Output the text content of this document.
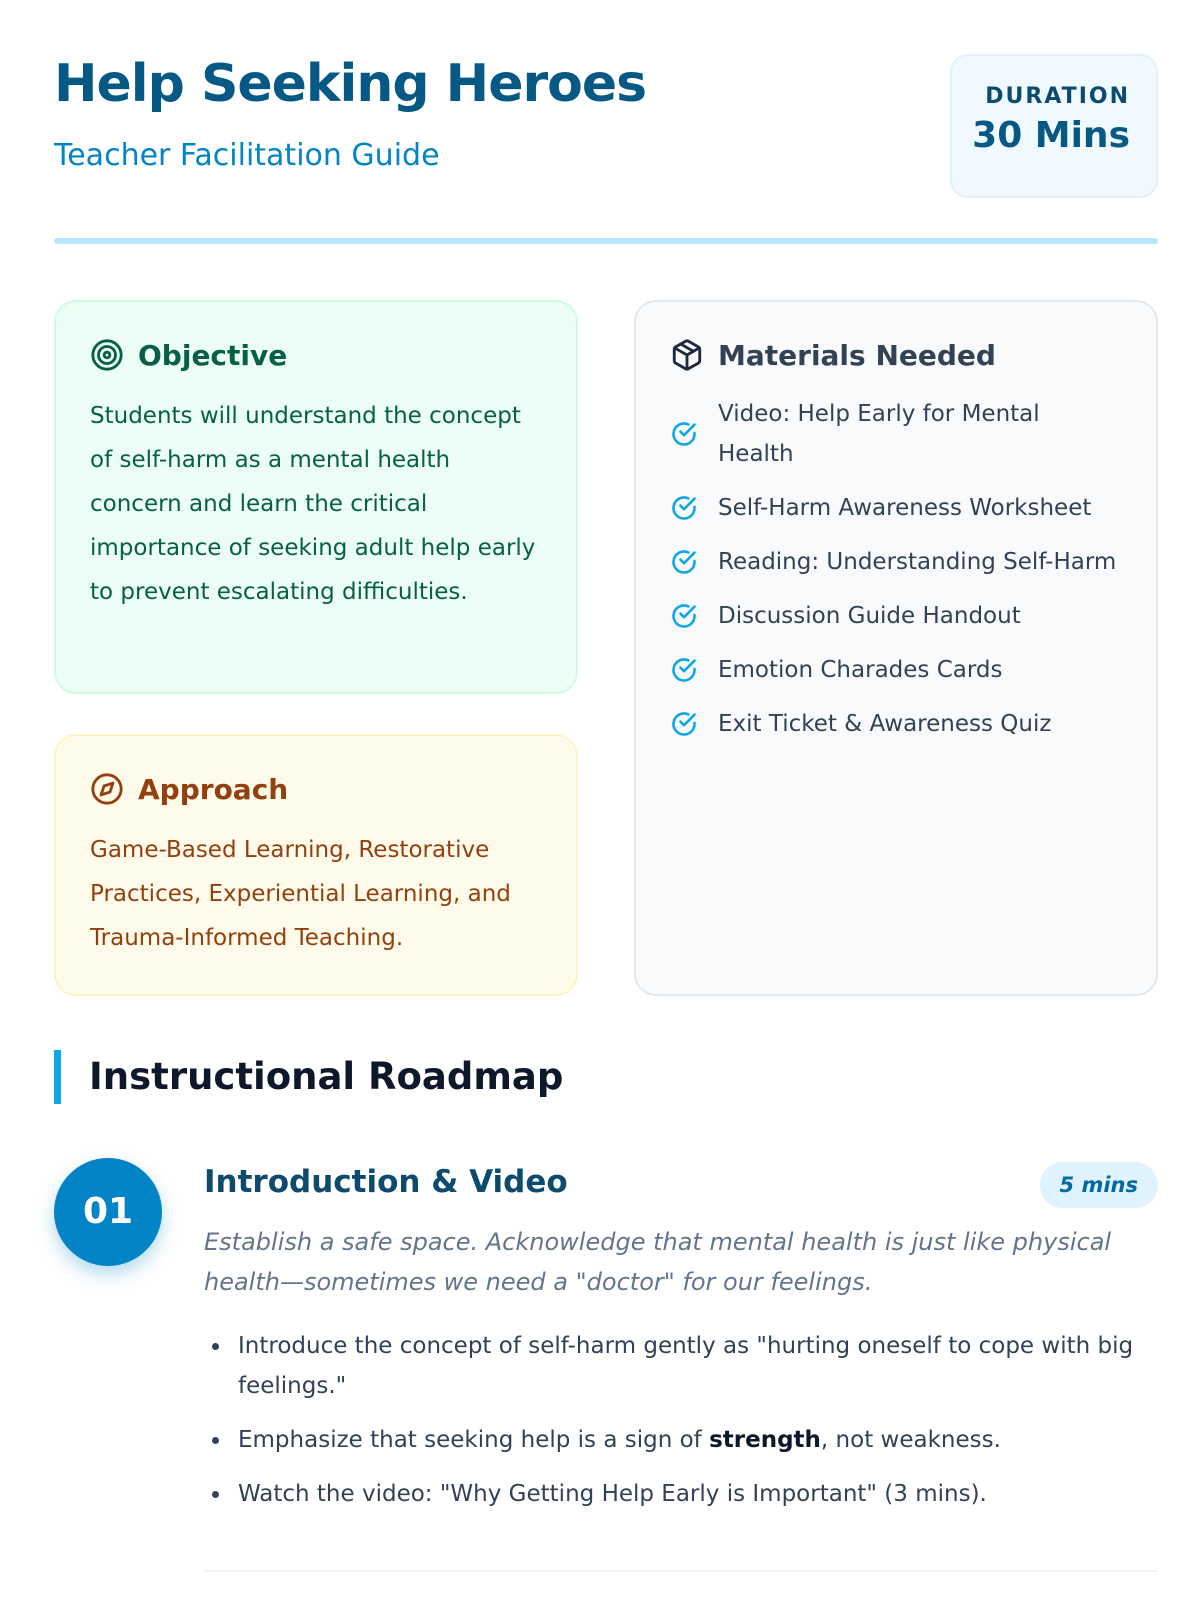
Help Seeking Heroes
Teacher Facilitation Guide
DURATION
30 Mins
Objective

Students will understand the concept of self-harm as a mental health concern and learn the critical importance of seeking adult help early to prevent escalating difficulties.

Approach

Game-Based Learning, Restorative Practices, Experiential Learning, and Trauma-Informed Teaching.

Materials Needed
Video: Help Early for Mental Health
Self-Harm Awareness Worksheet
Reading: Understanding Self-Harm
Discussion Guide Handout
Emotion Charades Cards
Exit Ticket & Awareness Quiz
Instructional Roadmap
01
Introduction & Video	5 mins

Establish a safe space. Acknowledge that mental health is just like physical health—sometimes we need a "doctor" for our feelings.

Introduce the concept of self-harm gently as "hurting oneself to cope with big feelings."
Emphasize that seeking help is a sign of strength, not weakness.
Watch the video: "Why Getting Help Early is Important" (3 mins).
